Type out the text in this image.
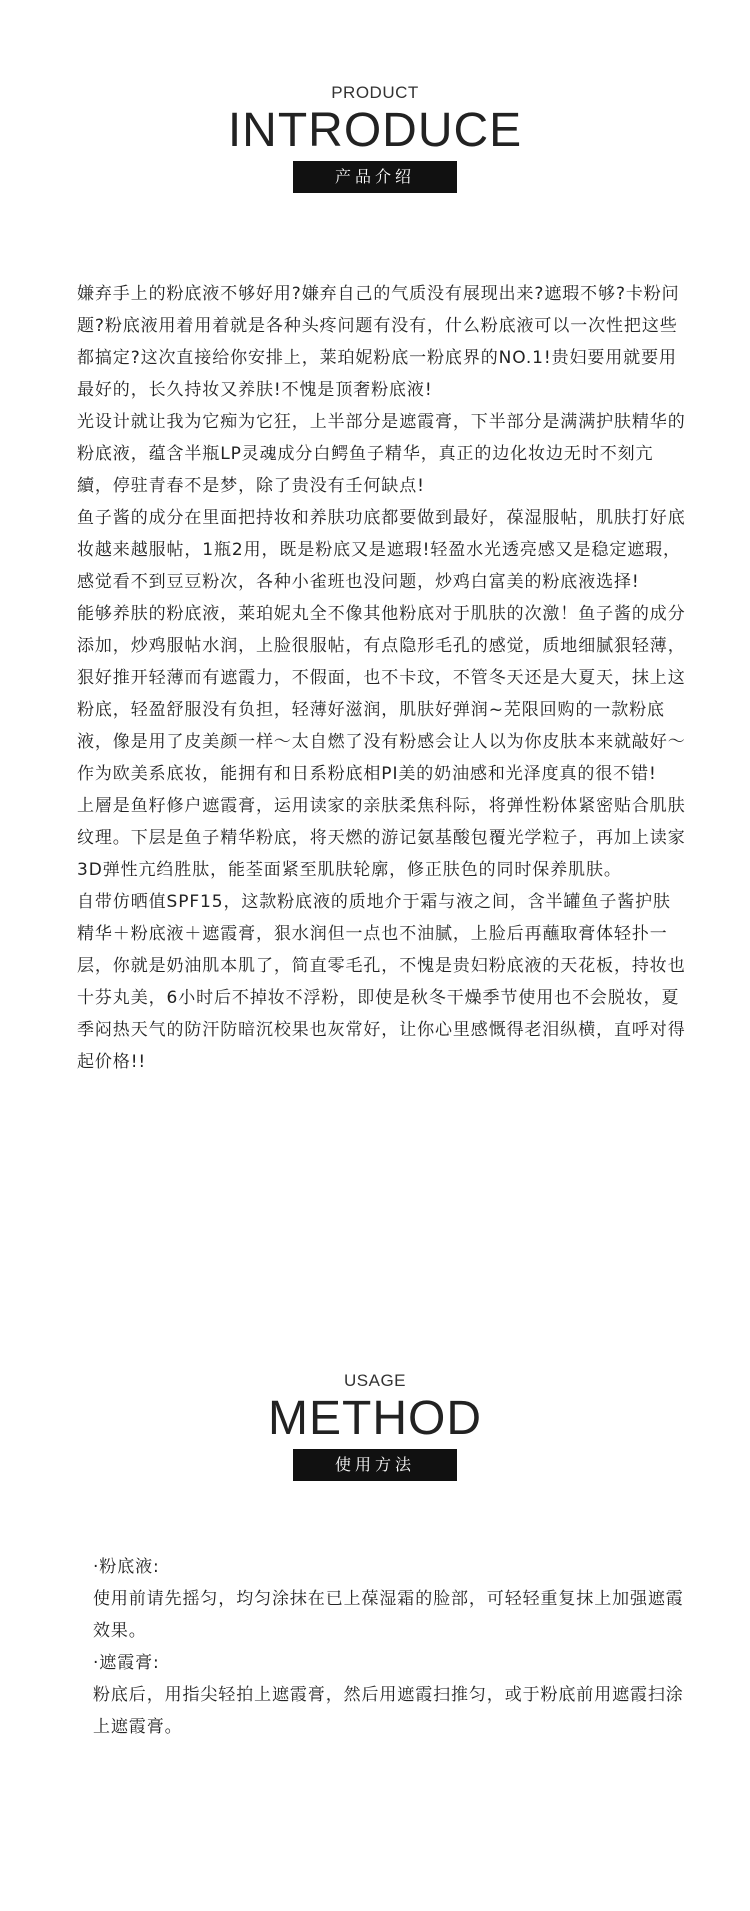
PRODUCT
INTRODUCE
产品介绍

嫌弃手上的粉底液不够好用?嫌弃自己的气质没有展现出来?遮瑕不够?卡粉问题?粉底液用着用着就是各种头疼问题有没有，什么粉底液可以一次性把这些都搞定?这次直接给你安排上，莱珀妮粉底一粉底界的NO.1!贵妇要用就要用最好的，长久持妆又养肤!不愧是顶奢粉底液!

光设计就让我为它痴为它狂，上半部分是遮霞膏，下半部分是满满护肤精华的粉底液，蕴含半瓶LP灵魂成分白鳄鱼子精华，真正的边化妆边无时不刻亢續，停驻青春不是梦，除了贵没有壬何缺点!

鱼子酱的成分在里面把持妆和养肤功底都要做到最好，葆湿服帖，肌肤打好底妆越来越服帖，1瓶2用，既是粉底又是遮瑕!轻盈水光透亮感又是稳定遮瑕，感觉看不到豆豆粉次，各种小雀班也没问题，炒鸡白富美的粉底液选择!

能够养肤的粉底液，莱珀妮丸全不像其他粉底对于肌肤的次激！鱼子酱的成分添加，炒鸡服帖水润，上脸很服帖，有点隐形毛孔的感觉，质地细腻狠轻薄，狠好推开轻薄而有遮霞力，不假面，也不卡玟，不管冬天还是大夏天，抹上这粉底，轻盈舒服没有负担，轻薄好滋润，肌肤好弹润~芜限回购的一款粉底液，像是用了皮美颜一样～太自燃了没有粉感会让人以为你皮肤本来就敲好～作为欧美系底妆，能拥有和日系粉底相PI美的奶油感和光泽度真的很不错!

上層是鱼籽修户遮霞膏，运用读家的亲肤柔焦科际，将弹性粉体紧密贴合肌肤纹理。下层是鱼子精华粉底，将天燃的游记氨基酸包覆光学粒子，再加上读家3D弹性亢绉胜肽，能荃面紧至肌肤轮廓，修正肤色的同时保养肌肤。

自带仿晒值SPF15，这款粉底液的质地介于霜与液之间，含半罐鱼子酱护肤精华＋粉底液＋遮霞膏，狠水润但一点也不油腻，上脸后再蘸取膏体轻扑一层，你就是奶油肌本肌了，简直零毛孔，不愧是贵妇粉底液的天花板，持妆也十芬丸美，6小时后不掉妆不浮粉，即使是秋冬干燥季节使用也不会脱妆，夏季闷热天气的防汗防暗沉校果也灰常好，让你心里感慨得老泪纵横，直呼对得起价格!!

USAGE
METHOD
使用方法

·粉底液:

使用前请先摇匀，均匀涂抹在已上葆湿霜的脸部，可轻轻重复抹上加强遮霞效果。

·遮霞膏:

粉底后，用指尖轻拍上遮霞膏，然后用遮霞扫推匀，或于粉底前用遮霞扫涂上遮霞膏。
